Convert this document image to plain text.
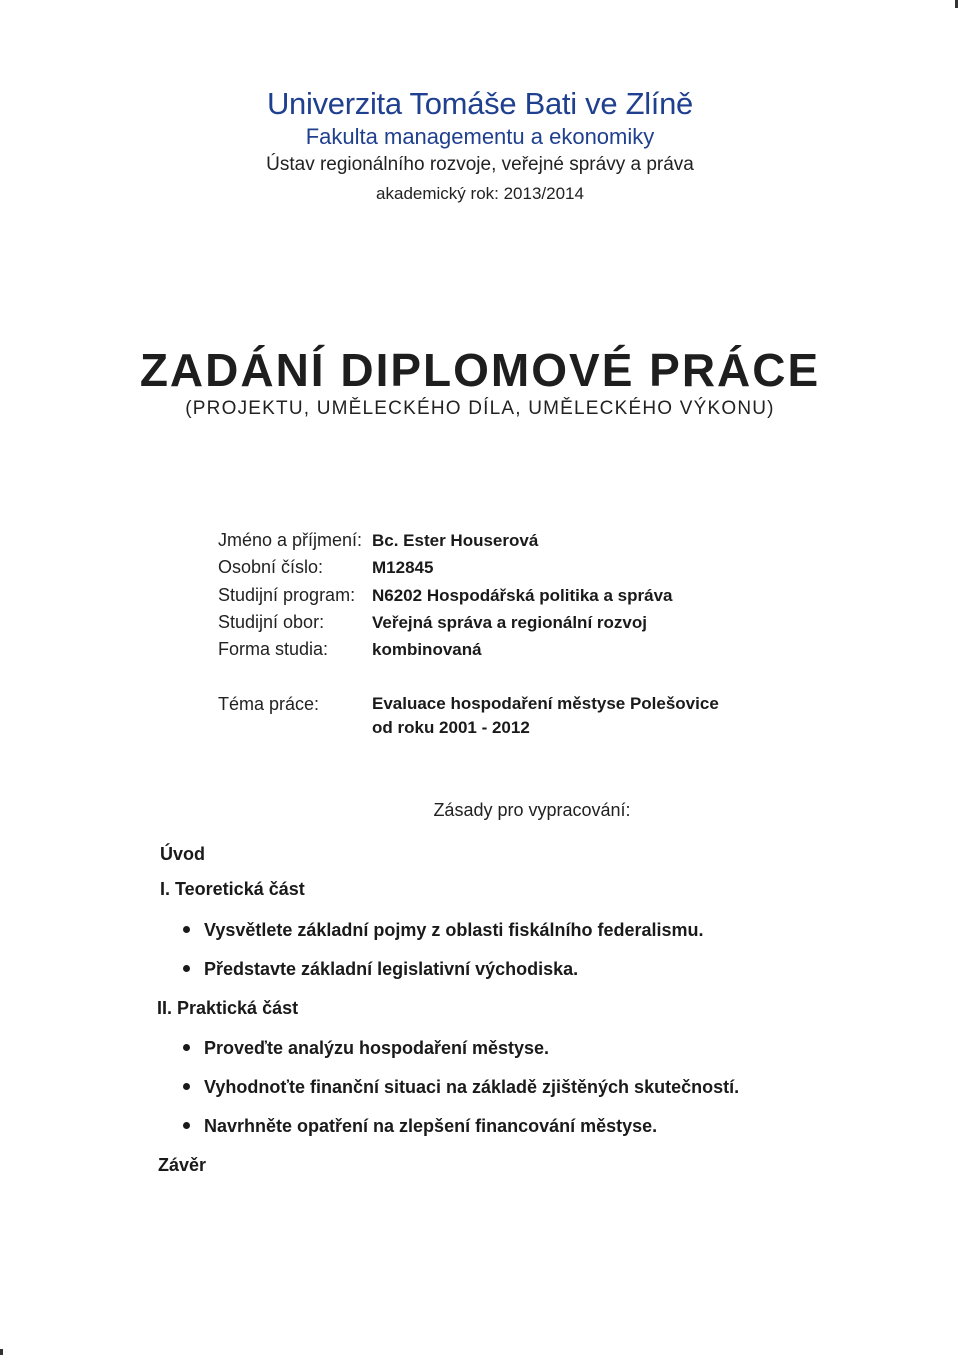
Univerzita Tomáše Bati ve Zlíně
Fakulta managementu a ekonomiky
Ústav regionálního rozvoje, veřejné správy a práva
akademický rok: 2013/2014
ZADÁNÍ DIPLOMOVÉ PRÁCE
(PROJEKTU, UMĚLECKÉHO DÍLA, UMĚLECKÉHO VÝKONU)
Jméno a příjmení: Bc. Ester Houserová
Osobní číslo:	M12845
Studijní program: N6202 Hospodářská politika a správa
Studijní obor:	Veřejná správa a regionální rozvoj
Forma studia:	kombinovaná
Téma práce:	Evaluace hospodaření městyse Polešovice
od roku 2001 - 2012
Zásady pro vypracování:
Úvod
I. Teoretická část
Vysvětlete základní pojmy z oblasti fiskálního federalismu.
Představte základní legislativní východiska.
II. Praktická část
Proveďte analýzu hospodaření městyse.
Vyhodnoťte finanční situaci na základě zjištěných skutečností.
Navrhněte opatření na zlepšení financování městyse.
Závěr
